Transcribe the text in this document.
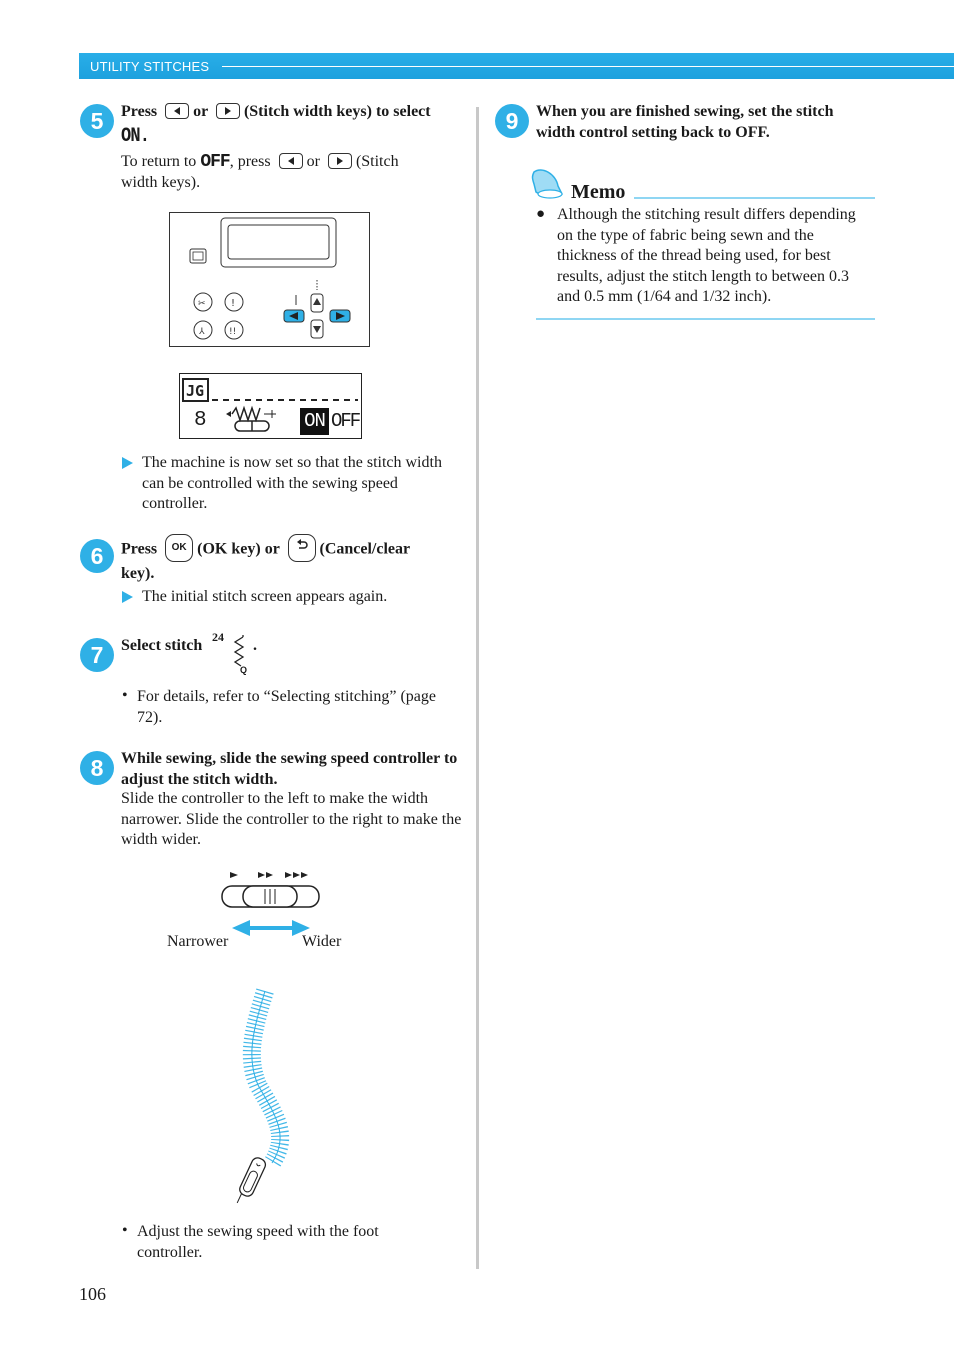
UTILITY STITCHES
5	Press or (Stitch width keys) to select
ON.
To return to OFF, press or (Stitch
width keys).
✂	!
⅄	!!
JG
8	ON OFF
The machine is now set so that the stitch width can be controlled with the sewing speed controller.
6	Press OK (OK key) or	(Cancel/clear
key).
The initial stitch screen appears again.
7	Select stitch 24
Q
.
• For details, refer to “Selecting stitching” (page 72).
8	While sewing, slide the sewing speed controller to adjust the stitch width.
Slide the controller to the left to make the width narrower. Slide the controller to the right to make the width wider.
Narrower	Wider
• Adjust the sewing speed with the foot controller.
106
9	When you are finished sewing, set the stitch width control setting back to OFF.
Memo
● Although the stitching result differs depending on the type of fabric being sewn and the thickness of the thread being used, for best results, adjust the stitch length to between 0.3 and 0.5 mm (1/64 and 1/32 inch).
